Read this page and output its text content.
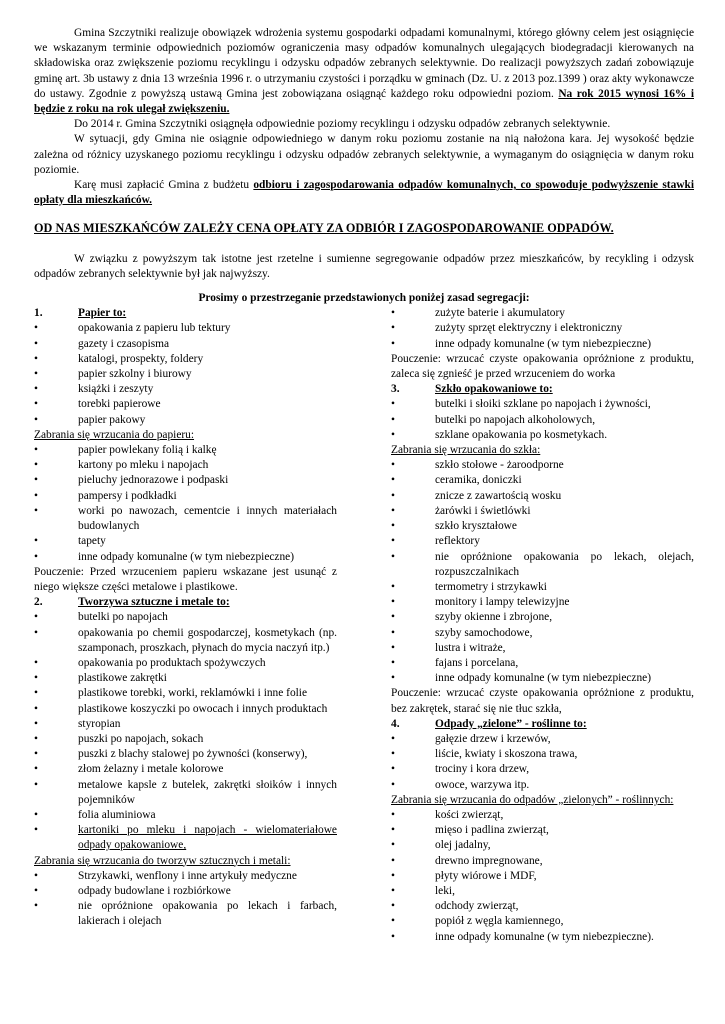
Gmina Szczytniki realizuje obowiązek wdrożenia systemu gospodarki odpadami komunalnymi, którego główny celem jest osiągnięcie we wskazanym terminie odpowiednich poziomów ograniczenia masy odpadów komunalnych ulegających biodegradacji kierowanych na składowiska oraz zwiększenie poziomu recyklingu i odzysku odpadów zebranych selektywnie. Do realizacji powyższych zadań zobowiązuje gminę art. 3b ustawy z dnia 13 września 1996 r. o utrzymaniu czystości i porządku w gminach (Dz. U. z 2013 poz.1399 ) oraz akty wykonawcze do ustawy. Zgodnie z powyższą ustawą Gmina jest zobowiązana osiągnąć każdego roku odpowiedni poziom. Na rok 2015 wynosi 16% i będzie z roku na rok ulegał zwiększeniu.

Do 2014 r. Gmina Szczytniki osiągnęła odpowiednie poziomy recyklingu i odzysku odpadów zebranych selektywnie.

W sytuacji, gdy Gmina nie osiągnie odpowiedniego w danym roku poziomu zostanie na nią nałożona kara. Jej wysokość będzie zależna od różnicy uzyskanego poziomu recyklingu i odzysku odpadów zebranych selektywnie, a wymaganym do osiągnięcia w danym roku poziomie.

Karę musi zapłacić Gmina z budżetu odbioru i zagospodarowania odpadów komunalnych, co spowoduje podwyższenie stawki opłaty dla mieszkańców.

OD NAS MIESZKAŃCÓW ZALEŻY CENA OPŁATY ZA ODBIÓR I ZAGOSPODAROWANIE ODPADÓW.

W związku z powyższym tak istotne jest rzetelne i sumienne segregowanie odpadów przez mieszkańców, by recykling i odzysk odpadów zebranych selektywnie był jak najwyższy.

Prosimy o przestrzeganie przedstawionych poniżej zasad segregacji:
1.	Papier to:
•	opakowania z papieru lub tektury
•	gazety i czasopisma
•	katalogi, prospekty, foldery
•	papier szkolny i biurowy
•	książki i zeszyty
•	torebki papierowe
•	papier pakowy
Zabrania się wrzucania do papieru:
•	papier powlekany folią i kalkę
•	kartony po mleku i napojach
•	pieluchy jednorazowe i podpaski
•	pampersy i podkładki
•	worki po nawozach, cementcie i innych materiałach budowlanych
•	tapety
•	inne odpady komunalne (w tym niebezpieczne)
Pouczenie: Przed wrzuceniem papieru wskazane jest usunąć z niego większe części metalowe i plastikowe.
2.	Tworzywa sztuczne i metale to:
•	butelki po napojach
•	opakowania po chemii gospodarczej, kosmetykach (np. szamponach, proszkach, płynach do mycia naczyń itp.)
•	opakowania po produktach spożywczych
•	plastikowe zakrętki
•	plastikowe torebki, worki, reklamówki i inne folie
•	plastikowe koszyczki po owocach i innych produktach
•	styropian
•	puszki po napojach, sokach
•	puszki z blachy stalowej po żywności (konserwy),
•	złom żelazny i metale kolorowe
•	metalowe kapsle z butelek, zakrętki słoików i innych pojemników
•	folia aluminiowa
•	kartoniki po mleku i napojach - wielomateriałowe odpady opakowaniowe,
Zabrania się wrzucania do tworzyw sztucznych i metali:
•	Strzykawki, wenflony i inne artykuły medyczne
•	odpady budowlane i rozbiórkowe
•	nie opróżnione opakowania po lekach i farbach, lakierach i olejach
•	zużyte baterie i akumulatory
•	zużyty sprzęt elektryczny i elektroniczny
•	inne odpady komunalne (w tym niebezpieczne)
Pouczenie: wrzucać czyste opakowania opróżnione z produktu, zaleca się zgnieść je przed wrzuceniem do worka
3.	Szkło opakowaniowe to:
•	butelki i słoiki szklane po napojach i żywności,
•	butelki po napojach alkoholowych,
•	szklane opakowania po kosmetykach.
Zabrania się wrzucania do szkła:
•	szkło stołowe - żaroodporne
•	ceramika, doniczki
•	znicze z zawartością wosku
•	żarówki i świetlówki
•	szkło kryształowe
•	reflektory
•	nie opróżnione opakowania po lekach, olejach, rozpuszczalnikach
•	termometry i strzykawki
•	monitory i lampy telewizyjne
•	szyby okienne i zbrojone,
•	szyby samochodowe,
•	lustra i witraże,
•	fajans i porcelana,
•	inne odpady komunalne (w tym niebezpieczne)
Pouczenie: wrzucać czyste opakowania opróżnione z produktu, bez zakrętek, starać się nie tłuc szkła,
4.	Odpady „zielone” - roślinne to:
•	gałęzie drzew i krzewów,
•	liście, kwiaty i skoszona trawa,
•	trociny i kora drzew,
•	owoce, warzywa itp.
Zabrania się wrzucania do odpadów „zielonych” - roślinnych:
•	kości zwierząt,
•	mięso i padlina zwierząt,
•	olej jadalny,
•	drewno impregnowane,
•	płyty wiórowe i MDF,
•	leki,
•	odchody zwierząt,
•	popiół z węgla kamiennego,
•	inne odpady komunalne (w tym niebezpieczne).
